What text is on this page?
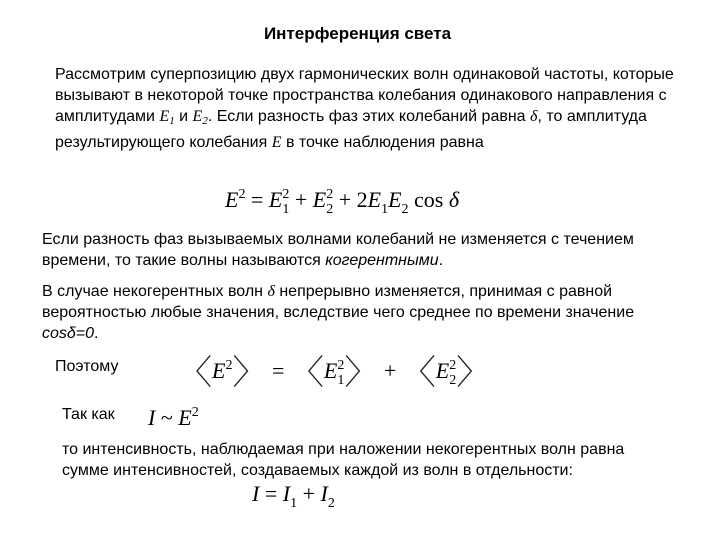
Интерференция света
Рассмотрим суперпозицию двух гармонических волн одинаковой частоты, которые вызывают в некоторой точке пространства колебания одинакового направления с амплитудами $E_1$ и $E_2$. Если разность фаз этих колебаний равна δ, то амплитуда результирующего колебания E в точке наблюдения равна
$E^2 = E^2_1 + E^2_2 + 2E_1E_2$ cos δ
Если разность фаз вызываемых волнами колебаний не изменяется с течением времени, то такие волны называются когерентными.
В случае некогерентных волн δ непрерывно изменяется, принимая с равной вероятностью любые значения, вследствие чего среднее по времени значение cosδ=0.
Поэтому 〈$E^2$〉 = 〈$E^2_1$〉 + 〈$E^2_2$〉
Так как I ~ $E^2$
то интенсивность, наблюдаемая при наложении некогерентных волн равна сумме интенсивностей, создаваемых каждой из волн в отдельности:
$I = I_1 + I_2$
